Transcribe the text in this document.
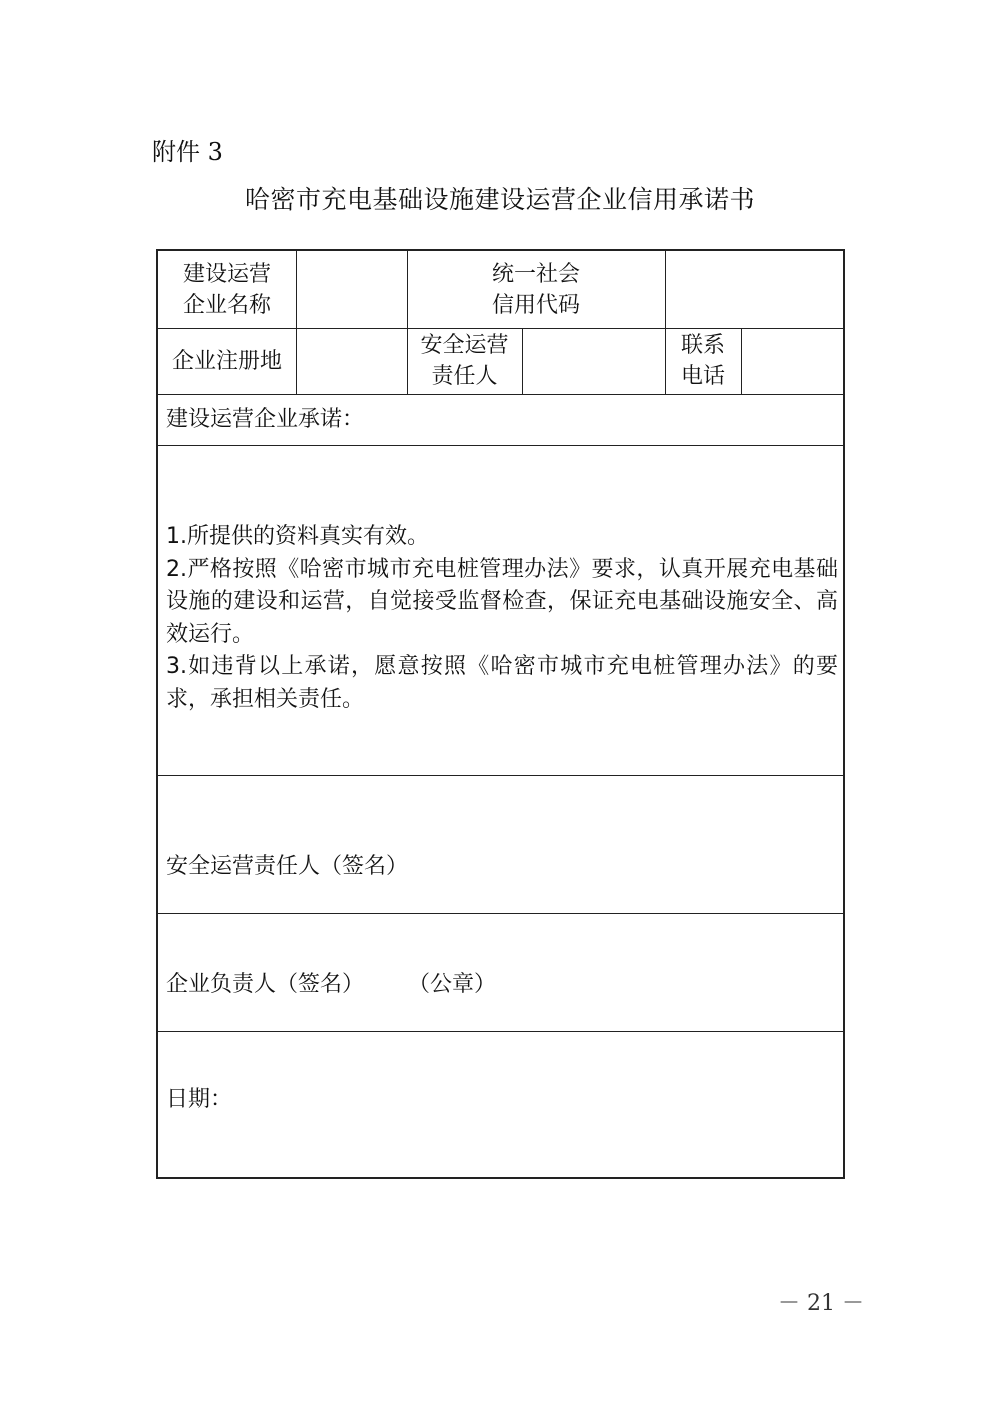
附件 3
哈密市充电基础设施建设运营企业信用承诺书
建设运营
企业名称
统一社会
信用代码
企业注册地
安全运营
责任人
联系
电话
建设运营企业承诺：
1.所提供的资料真实有效。
2.严格按照《哈密市城市充电桩管理办法》要求，认真开展充电基础设施的建设和运营，自觉接受监督检查，保证充电基础设施安全、高效运行。
3.如违背以上承诺，愿意按照《哈密市城市充电桩管理办法》的要求，承担相关责任。
安全运营责任人（签名）
企业负责人（签名） （公章）
日期：
－ 21 －
